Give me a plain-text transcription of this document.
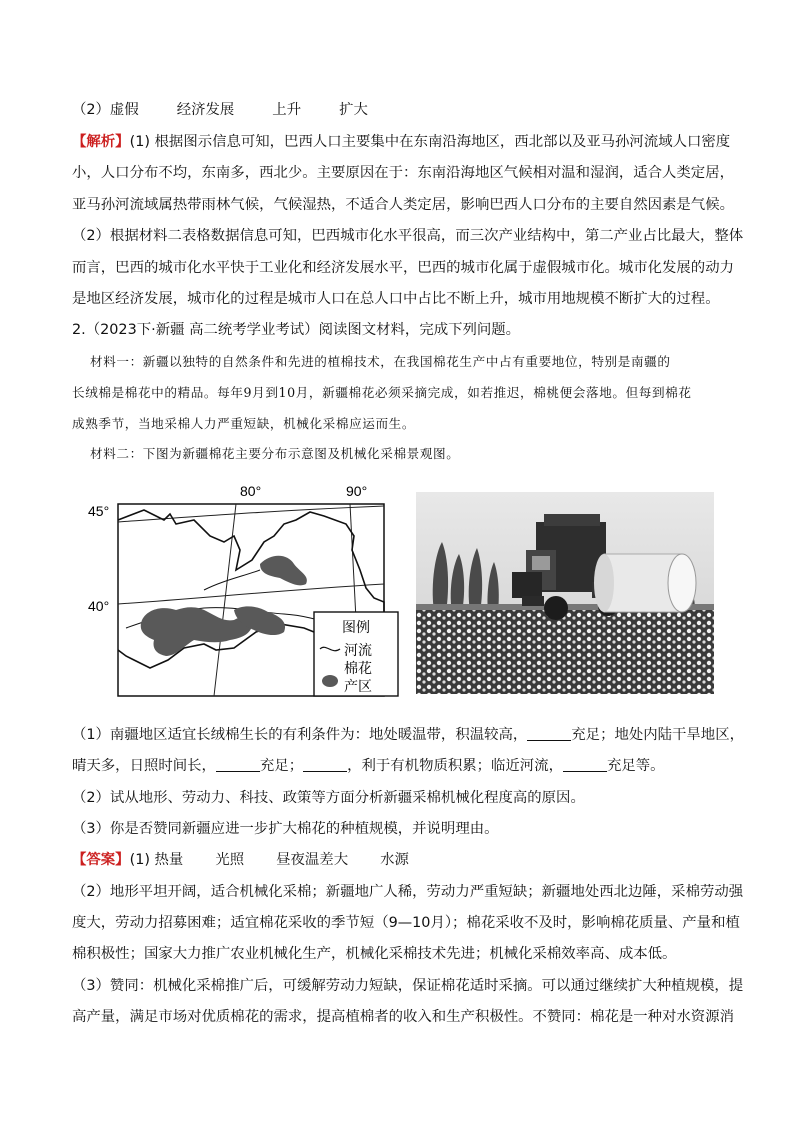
（2）虚假	经济发展	上升	扩大
【解析】(1) 根据图示信息可知，巴西人口主要集中在东南沿海地区，西北部以及亚马孙河流域人口密度
小，人口分布不均，东南多，西北少。主要原因在于：东南沿海地区气候相对温和湿润，适合人类定居，
亚马孙河流域属热带雨林气候，气候湿热，不适合人类定居，影响巴西人口分布的主要自然因素是气候。
（2）根据材料二表格数据信息可知，巴西城市化水平很高，而三次产业结构中，第二产业占比最大，整体
而言，巴西的城市化水平快于工业化和经济发展水平，巴西的城市化属于虚假城市化。城市化发展的动力
是地区经济发展，城市化的过程是城市人口在总人口中占比不断上升，城市用地规模不断扩大的过程。
2.（2023下·新疆 高二统考学业考试）阅读图文材料，完成下列问题。
材料一：新疆以独特的自然条件和先进的植棉技术，在我国棉花生产中占有重要地位，特别是南疆的
长绒棉是棉花中的精品。每年9月到10月，新疆棉花必须采摘完成，如若推迟，棉桃便会落地。但每到棉花
成熟季节，当地采棉人力严重短缺，机械化采棉应运而生。
材料二：下图为新疆棉花主要分布示意图及机械化采棉景观图。
80°	90°
45°
40°
图例
河流
棉花
产区
（1）南疆地区适宜长绒棉生长的有利条件为：地处暖温带，积温较高，	充足；地处内陆干旱地区，
晴天多，日照时间长，	充足；	，利于有机物质积累；临近河流，	充足等。
（2）试从地形、劳动力、科技、政策等方面分析新疆采棉机械化程度高的原因。
（3）你是否赞同新疆应进一步扩大棉花的种植规模，并说明理由。
【答案】(1) 热量 光照 昼夜温差大 水源
（2）地形平坦开阔，适合机械化采棉；新疆地广人稀，劳动力严重短缺；新疆地处西北边陲，采棉劳动强
度大，劳动力招募困难；适宜棉花采收的季节短（9—10月）；棉花采收不及时，影响棉花质量、产量和植
棉积极性；国家大力推广农业机械化生产，机械化采棉技术先进；机械化采棉效率高、成本低。
（3）赞同：机械化采棉推广后，可缓解劳动力短缺，保证棉花适时采摘。可以通过继续扩大种植规模，提
高产量，满足市场对优质棉花的需求，提高植棉者的收入和生产积极性。不赞同：棉花是一种对水资源消
